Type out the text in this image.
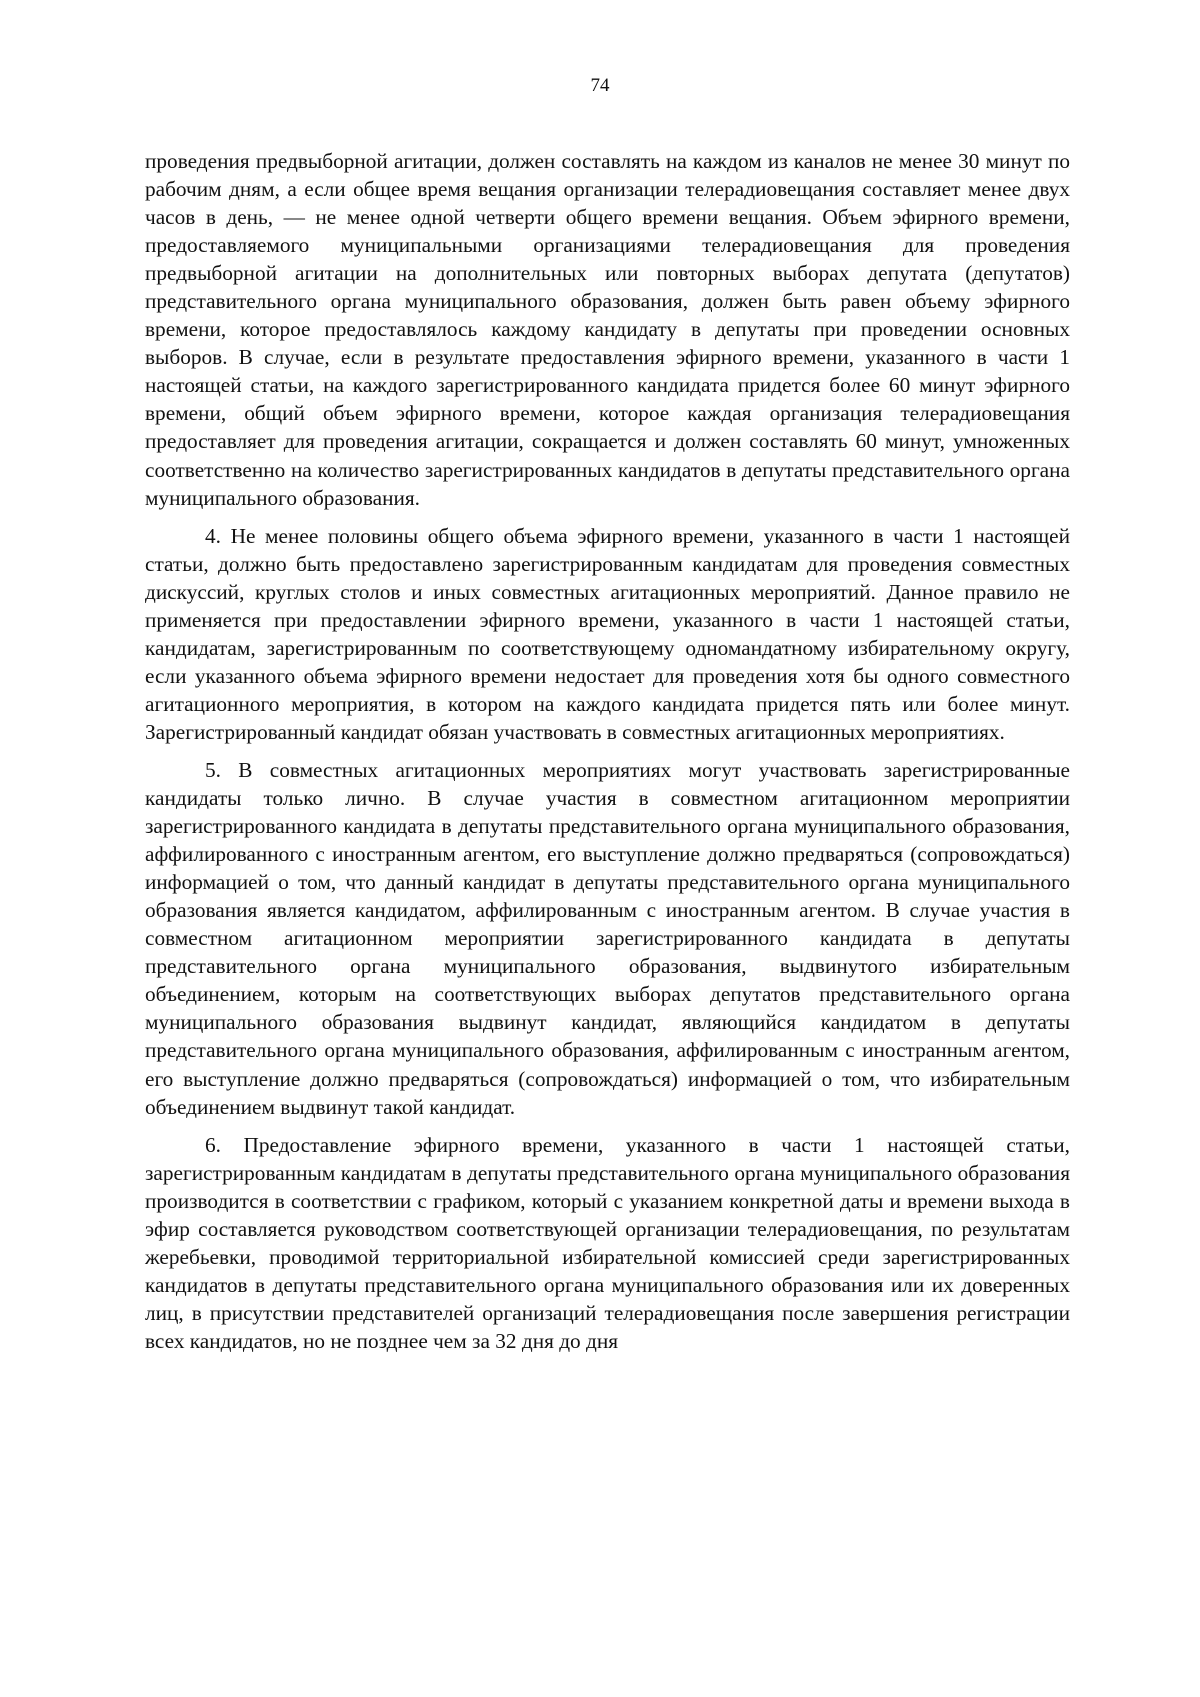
74

проведения предвыборной агитации, должен составлять на каждом из каналов не менее 30 минут по рабочим дням, а если общее время вещания организации телерадиовещания составляет менее двух часов в день, — не менее одной четверти общего времени вещания. Объем эфирного времени, предоставляемого муниципальными организациями телерадиовещания для проведения предвыборной агитации на дополнительных или повторных выборах депутата (депутатов) представительного органа муниципального образования, должен быть равен объему эфирного времени, которое предоставлялось каждому кандидату в депутаты при проведении основных выборов. В случае, если в результате предоставления эфирного времени, указанного в части 1 настоящей статьи, на каждого зарегистрированного кандидата придется более 60 минут эфирного времени, общий объем эфирного времени, которое каждая организация телерадиовещания предоставляет для проведения агитации, сокращается и должен составлять 60 минут, умноженных соответственно на количество зарегистрированных кандидатов в депутаты представительного органа муниципального образования.

4. Не менее половины общего объема эфирного времени, указанного в части 1 настоящей статьи, должно быть предоставлено зарегистрированным кандидатам для проведения совместных дискуссий, круглых столов и иных совместных агитационных мероприятий. Данное правило не применяется при предоставлении эфирного времени, указанного в части 1 настоящей статьи, кандидатам, зарегистрированным по соответствующему одномандатному избирательному округу, если указанного объема эфирного времени недостает для проведения хотя бы одного совместного агитационного мероприятия, в котором на каждого кандидата придется пять или более минут. Зарегистрированный кандидат обязан участвовать в совместных агитационных мероприятиях.

5. В совместных агитационных мероприятиях могут участвовать зарегистрированные кандидаты только лично. В случае участия в совместном агитационном мероприятии зарегистрированного кандидата в депутаты представительного органа муниципального образования, аффилированного с иностранным агентом, его выступление должно предваряться (сопровождаться) информацией о том, что данный кандидат в депутаты представительного органа муниципального образования является кандидатом, аффилированным с иностранным агентом. В случае участия в совместном агитационном мероприятии зарегистрированного кандидата в депутаты представительного органа муниципального образования, выдвинутого избирательным объединением, которым на соответствующих выборах депутатов представительного органа муниципального образования выдвинут кандидат, являющийся кандидатом в депутаты представительного органа муниципального образования, аффилированным с иностранным агентом, его выступление должно предваряться (сопровождаться) информацией о том, что избирательным объединением выдвинут такой кандидат.

6. Предоставление эфирного времени, указанного в части 1 настоящей статьи, зарегистрированным кандидатам в депутаты представительного органа муниципального образования производится в соответствии с графиком, который с указанием конкретной даты и времени выхода в эфир составляется руководством соответствующей организации телерадиовещания, по результатам жеребьевки, проводимой территориальной избирательной комиссией среди зарегистрированных кандидатов в депутаты представительного органа муниципального образования или их доверенных лиц, в присутствии представителей организаций телерадиовещания после завершения регистрации всех кандидатов, но не позднее чем за 32 дня до дня
